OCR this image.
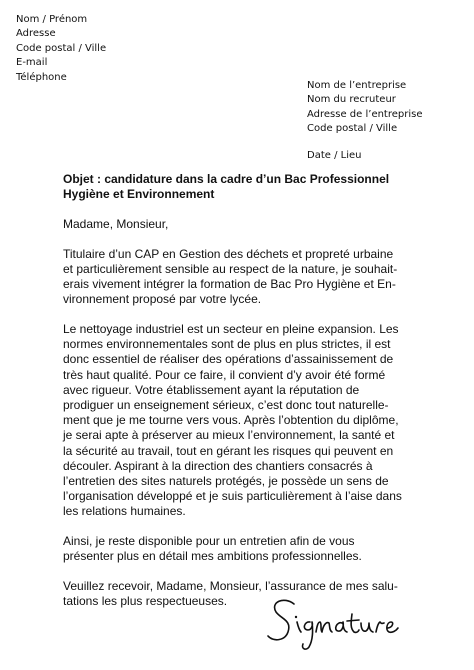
Nom / Prénom
Adresse
Code postal / Ville
E-mail
Téléphone
Nom de l’entreprise
Nom du recruteur
Adresse de l’entreprise
Code postal / Ville
Date / Lieu
Objet : candidature dans la cadre d’un Bac Professionnel
Hygiène et Environnement
Madame, Monsieur,
Titulaire d’un CAP en Gestion des déchets et propreté urbaine
et particulièrement sensible au respect de la nature, je souhait-
erais vivement intégrer la formation de Bac Pro Hygiène et En-
vironnement proposé par votre lycée.
Le nettoyage industriel est un secteur en pleine expansion. Les
normes environnementales sont de plus en plus strictes, il est
donc essentiel de réaliser des opérations d’assainissement de
très haut qualité. Pour ce faire, il convient d’y avoir été formé
avec rigueur. Votre établissement ayant la réputation de
prodiguer un enseignement sérieux, c’est donc tout naturelle-
ment que je me tourne vers vous. Après l’obtention du diplôme,
je serai apte à préserver au mieux l’environnement, la santé et
la sécurité au travail, tout en gérant les risques qui peuvent en
découler. Aspirant à la direction des chantiers consacrés à
l’entretien des sites naturels protégés, je possède un sens de
l’organisation développé et je suis particulièrement à l’aise dans
les relations humaines.
Ainsi, je reste disponible pour un entretien afin de vous
présenter plus en détail mes ambitions professionnelles.
Veuillez recevoir, Madame, Monsieur, l’assurance de mes salu-
tations les plus respectueuses.
